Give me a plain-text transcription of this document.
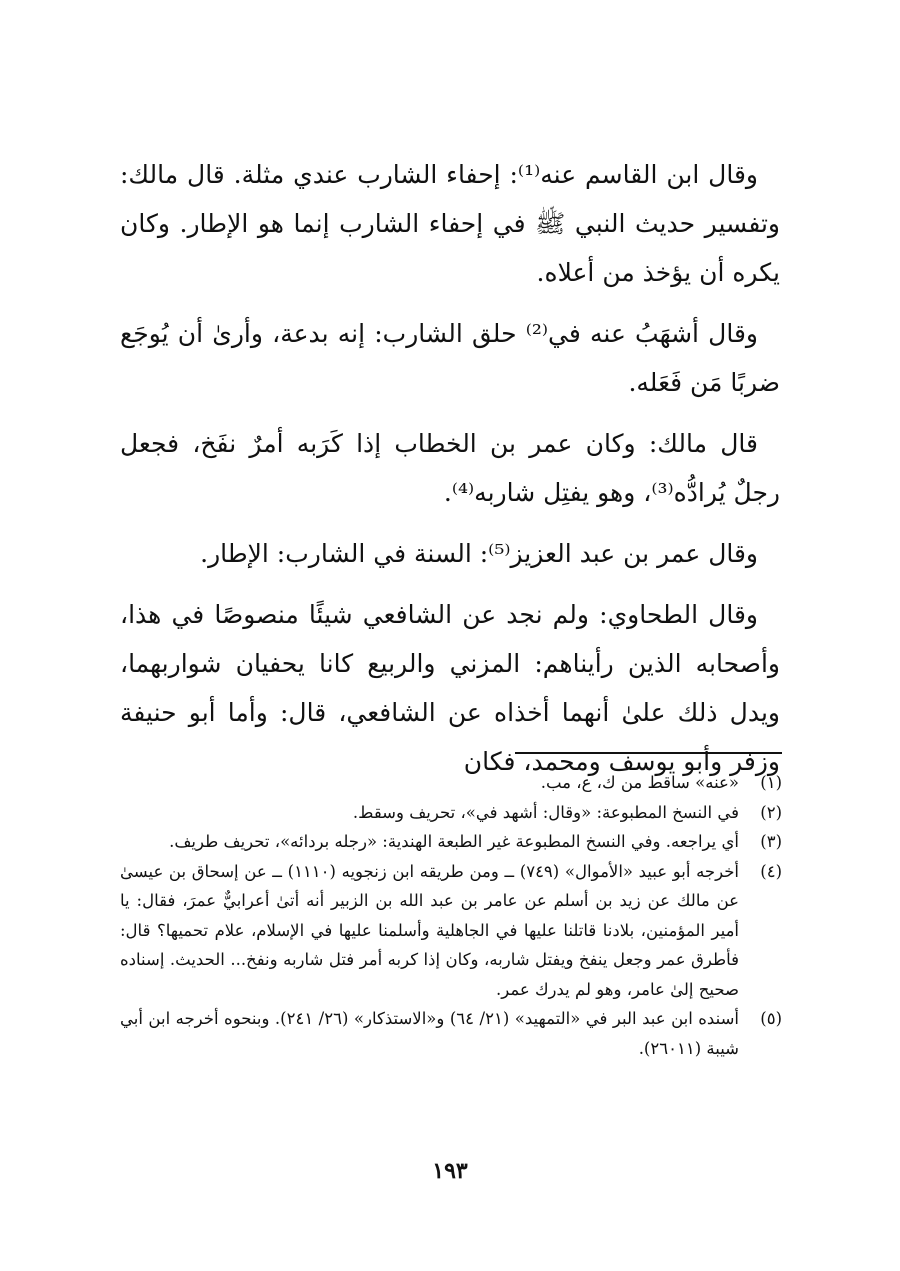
وقال ابن القاسم عنه⁽¹⁾: إحفاء الشارب عندي مثلة. قال مالك: وتفسير حديث النبي ﷺ في إحفاء الشارب إنما هو الإطار. وكان يكره أن يؤخذ من أعلاه.

وقال أشهَبُ عنه في⁽²⁾ حلق الشارب: إنه بدعة، وأرىٰ أن يُوجَع ضربًا مَن فَعَله.

قال مالك: وكان عمر بن الخطاب إذا كَرَبه أمرٌ نفَخ، فجعل رجلٌ يُرادُّه⁽³⁾، وهو يفتِل شاربه⁽⁴⁾.

وقال عمر بن عبد العزيز⁽⁵⁾: السنة في الشارب: الإطار.

وقال الطحاوي: ولم نجد عن الشافعي شيئًا منصوصًا في هذا، وأصحابه الذين رأيناهم: المزني والربيع كانا يحفيان شواربهما، ويدل ذلك علىٰ أنهما أخذاه عن الشافعي، قال: وأما أبو حنيفة وزفر وأبو يوسف ومحمد، فكان

(١)
«عنه» ساقط من ك، ع، مب.
(٢)
في النسخ المطبوعة: «وقال: أشهد في»، تحريف وسقط.
(٣)
أي يراجعه. وفي النسخ المطبوعة غير الطبعة الهندية: «رجله بردائه»، تحريف طريف.
(٤)
أخرجه أبو عبيد «الأموال» (٧٤٩) ــ ومن طريقه ابن زنجويه (١١١٠) ــ عن إسحاق بن عيسىٰ عن مالك عن زيد بن أسلم عن عامر بن عبد الله بن الزبير أنه أتىٰ أعرابيٌّ عمرَ، فقال: يا أمير المؤمنين، بلادنا قاتلنا عليها في الجاهلية وأسلمنا عليها في الإسلام، علام تحميها؟ قال: فأطرق عمر وجعل ينفخ ويفتل شاربه، وكان إذا كربه أمر فتل شاربه ونفخ... الحديث. إسناده صحيح إلىٰ عامر، وهو لم يدرك عمر.
(٥)
أسنده ابن عبد البر في «التمهيد» (٢١/ ٦٤) و«الاستذكار» (٢٦/ ٢٤١). وبنحوه أخرجه ابن أبي شيبة (٢٦٠١١).
١٩٣
